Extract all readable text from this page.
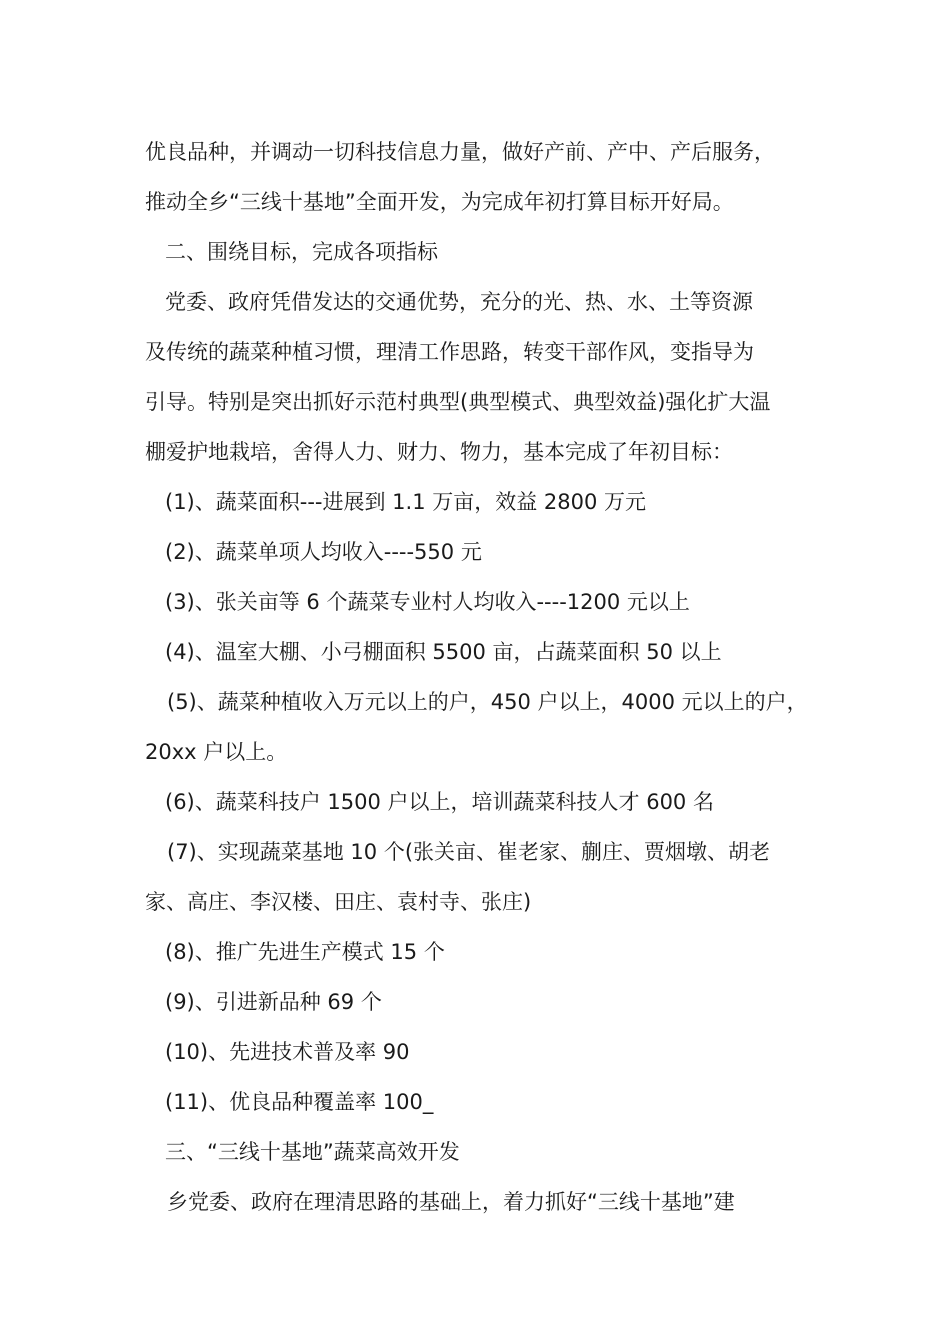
优良品种，并调动一切科技信息力量，做好产前、产中、产后服务，
推动全乡“三线十基地”全面开发，为完成年初打算目标开好局。
二、围绕目标，完成各项指标
党委、政府凭借发达的交通优势，充分的光、热、水、土等资源
及传统的蔬菜种植习惯，理清工作思路，转变干部作风，变指导为
引导。特别是突出抓好示范村典型(典型模式、典型效益)强化扩大温
棚爱护地栽培，舍得人力、财力、物力，基本完成了年初目标：
(1)、蔬菜面积---进展到 1.1 万亩，效益 2800 万元
(2)、蔬菜单项人均收入----550 元
(3)、张关亩等 6 个蔬菜专业村人均收入----1200 元以上
(4)、温室大棚、小弓棚面积 5500 亩，占蔬菜面积 50 以上
(5)、蔬菜种植收入万元以上的户，450 户以上，4000 元以上的户，
20xx 户以上。
(6)、蔬菜科技户 1500 户以上，培训蔬菜科技人才 600 名
(7)、实现蔬菜基地 10 个(张关亩、崔老家、蒯庄、贾烟墩、胡老
家、高庄、李汉楼、田庄、袁村寺、张庄)
(8)、推广先进生产模式 15 个
(9)、引进新品种 69 个
(10)、先进技术普及率 90
(11)、优良品种覆盖率 100_
三、“三线十基地”蔬菜高效开发
乡党委、政府在理清思路的基础上，着力抓好“三线十基地”建
